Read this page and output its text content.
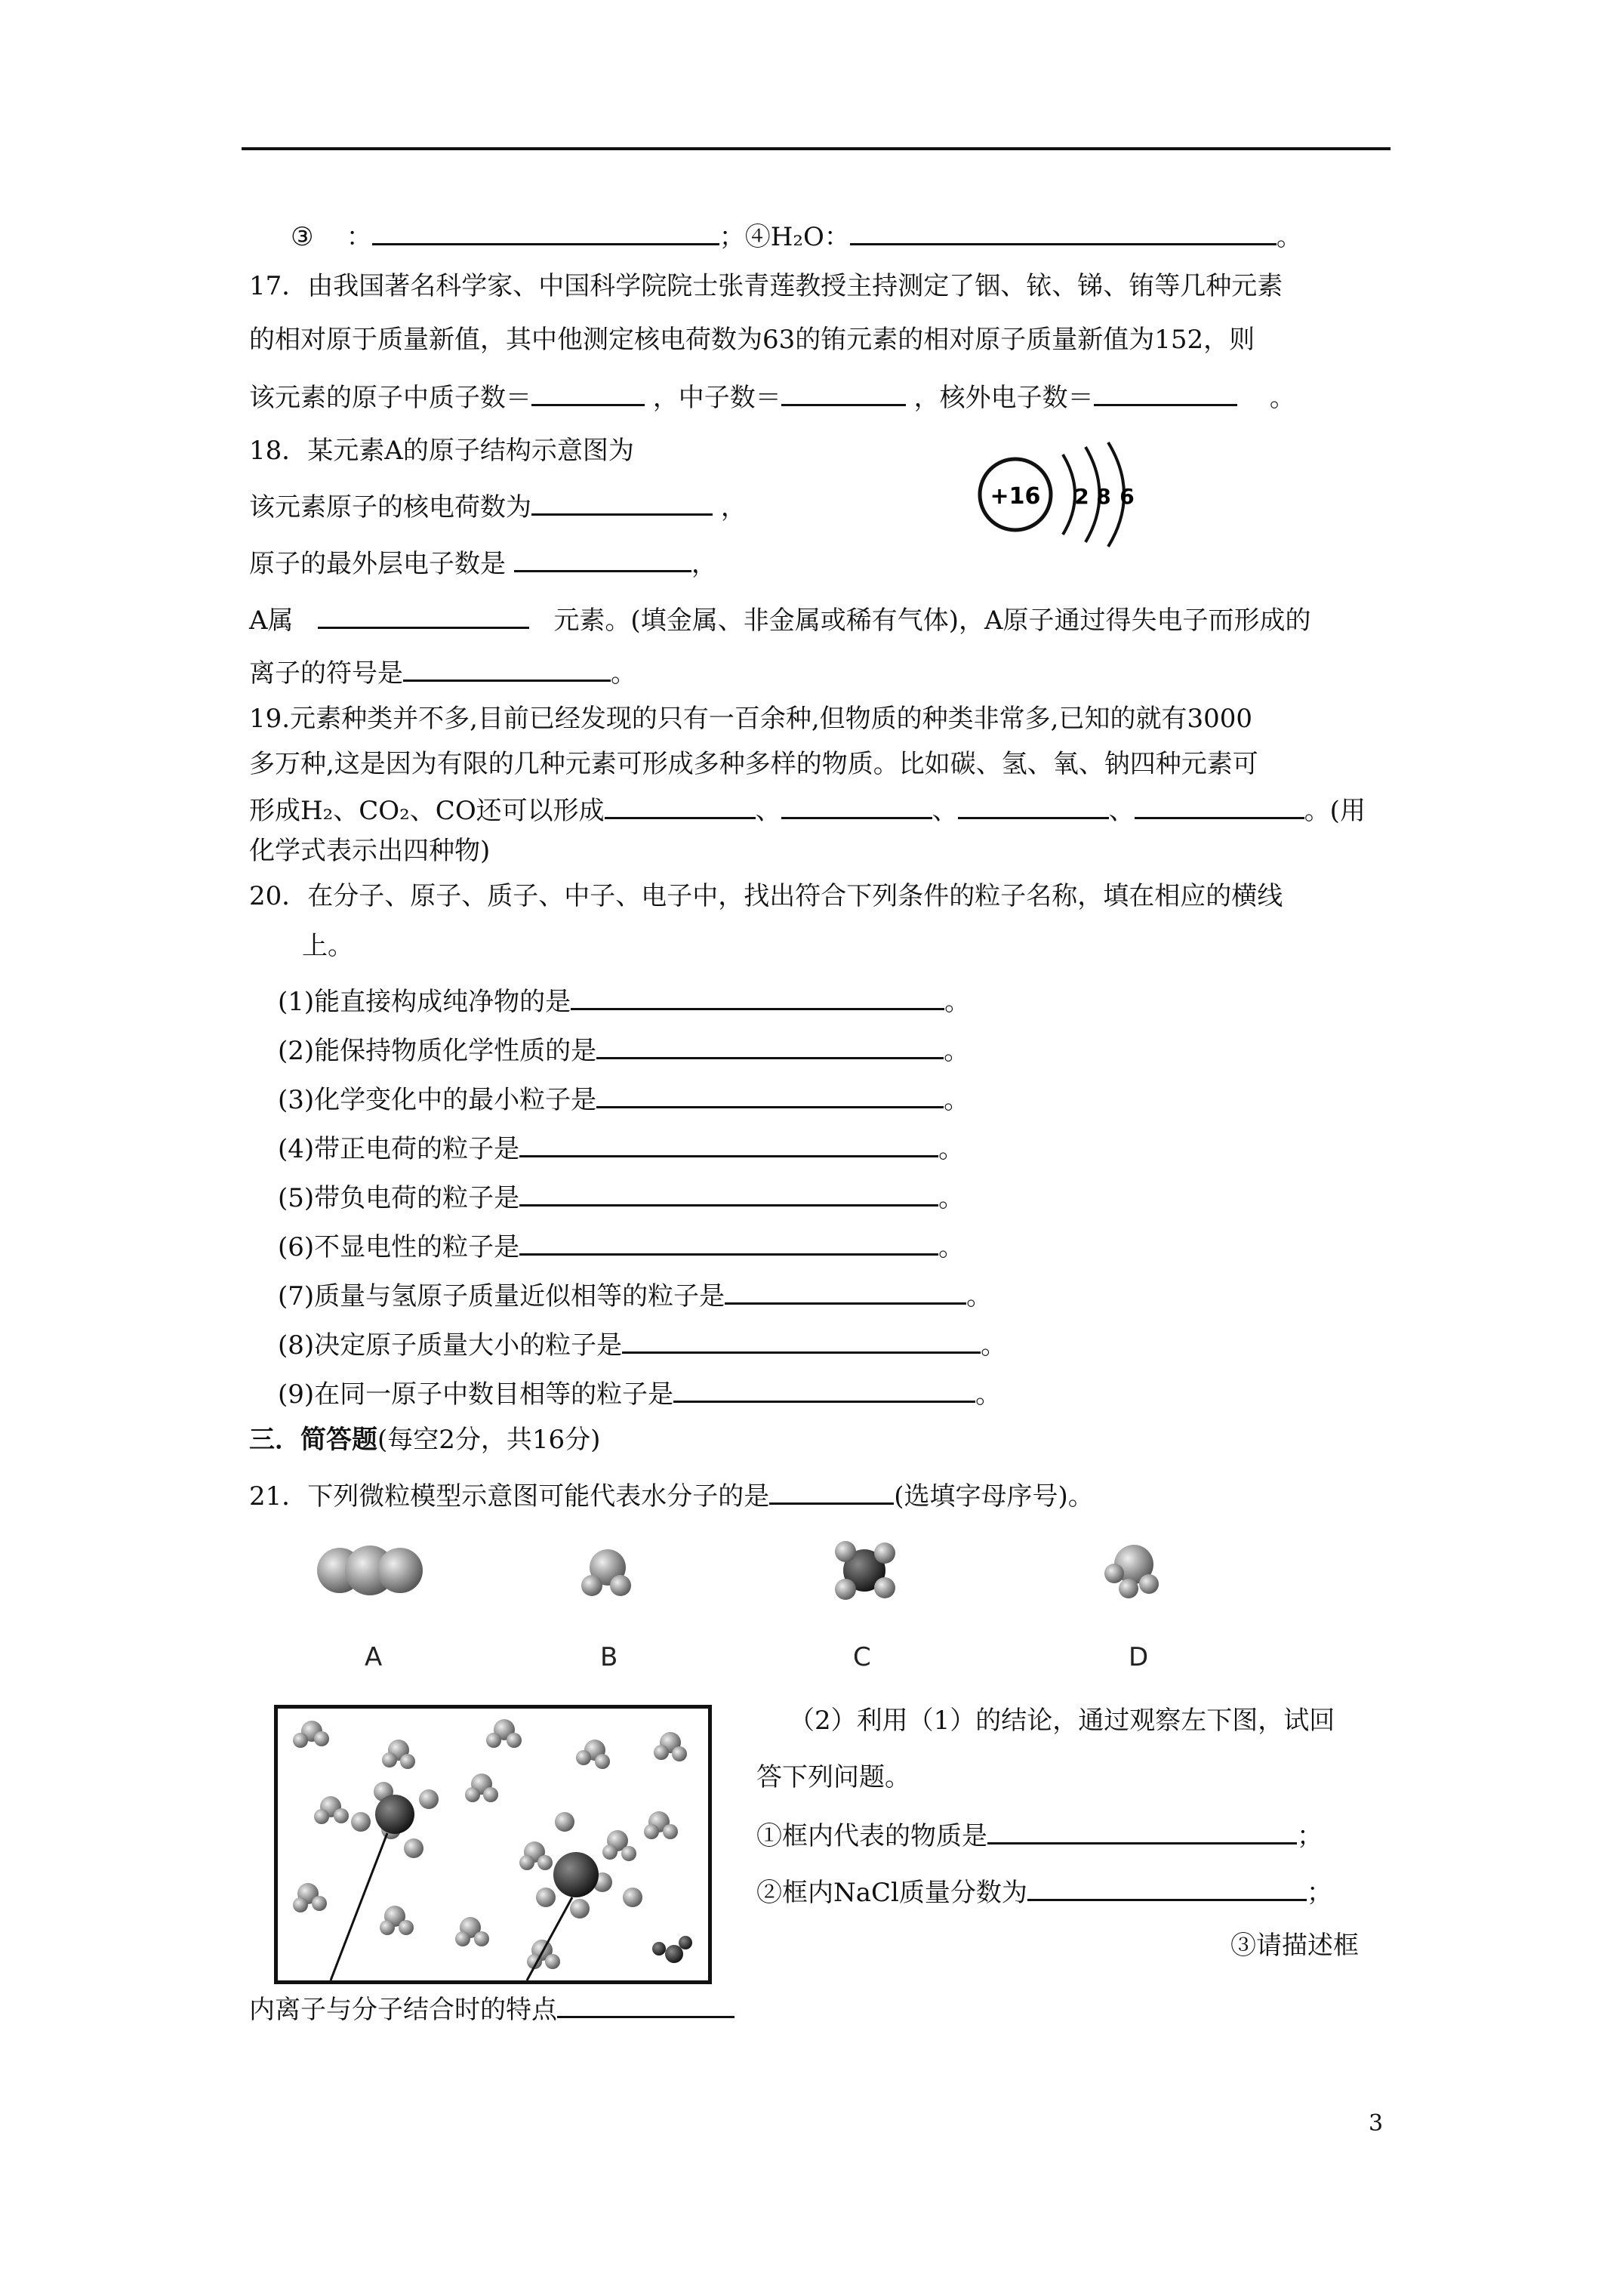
③ ：	；④H₂O：	。
17．由我国著名科学家、中国科学院院士张青莲教授主持测定了铟、铱、锑、铕等几种元素
的相对原于质量新值，其中他测定核电荷数为63的铕元素的相对原子质量新值为152，则
该元素的原子中质子数＝	，中子数＝	，核外电子数＝	。
18．某元素A的原子结构示意图为
该元素原子的核电荷数为	，
原子的最外层电子数是	，
A属	元素。(填金属、非金属或稀有气体)，A原子通过得失电子而形成的
离子的符号是	。
+16 2 8 6
19.元素种类并不多,目前已经发现的只有一百余种,但物质的种类非常多,已知的就有3000
多万种,这是因为有限的几种元素可形成多种多样的物质。比如碳、氢、氧、钠四种元素可
形成H₂、CO₂、CO还可以形成	、	、	、	。(用
化学式表示出四种物)
20．在分子、原子、质子、中子、电子中，找出符合下列条件的粒子名称，填在相应的横线
上。
(1)能直接构成纯净物的是	。
(2)能保持物质化学性质的是	。
(3)化学变化中的最小粒子是	。
(4)带正电荷的粒子是	。
(5)带负电荷的粒子是	。
(6)不显电性的粒子是	。
(7)质量与氢原子质量近似相等的粒子是	。
(8)决定原子质量大小的粒子是	。
(9)在同一原子中数目相等的粒子是	。
三．简答题(每空2分，共16分)
21．下列微粒模型示意图可能代表水分子的是	(选填字母序号)。
A	B	C	D
（2）利用（1）的结论，通过观察左下图，试回
答下列问题。
①框内代表的物质是	；
②框内NaCl质量分数为	；
③请描述框
内离子与分子结合时的特点
3
